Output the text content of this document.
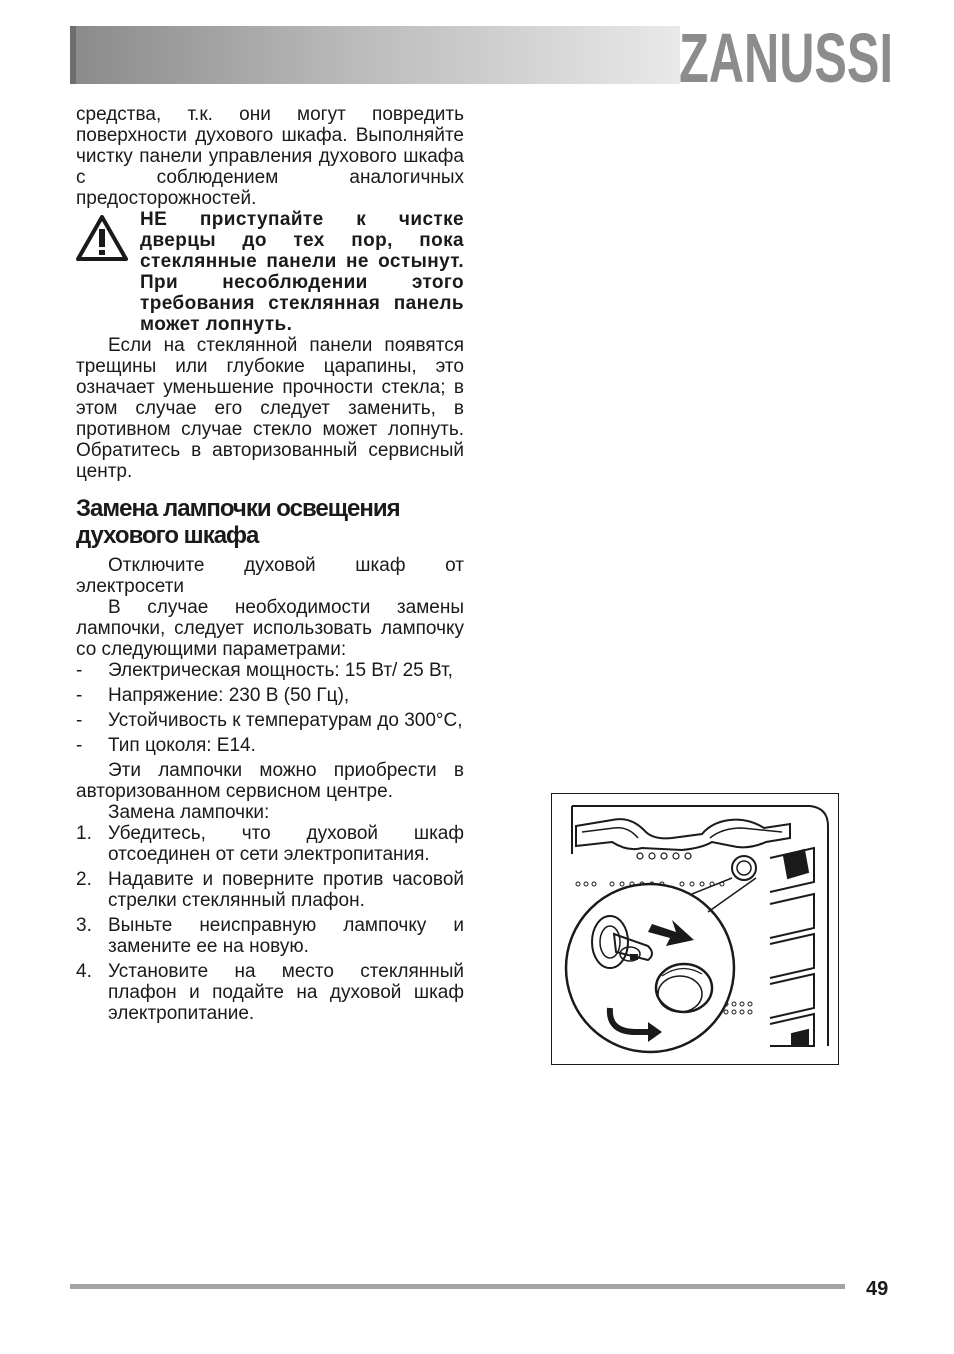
ZANUSSI

средства, т.к. они могут повредить поверхности духового шкафа. Выполняйте чистку панели управления духового шкафа с соблюдением аналогичных предосторожностей.

НЕ приступайте к чистке дверцы до тех пор, пока стеклянные панели не остынут. При несоблюдении этого требования стеклянная панель может лопнуть.

Если на стеклянной панели появятся трещины или глубокие царапины, это означает уменьшение прочности стекла; в этом случае его следует заменить, в противном случае стекло может лопнуть. Обратитесь в авторизованный сервисный центр.

Замена лампочки освещения духового шкафа

Отключите духовой шкаф от электросети

В случае необходимости замены лампочки, следует использовать лампочку со следующими параметрами:

- Электрическая мощность: 15 Вт/ 25 Вт,
- Напряжение: 230 В (50 Гц),
- Устойчивость к температурам до 300°С,
- Тип цоколя: Е14.

Эти лампочки можно приобрести в авторизованном сервисном центре.

Замена лампочки:

1. Убедитесь, что духовой шкаф отсоединен от сети электропитания.
2. Надавите и поверните против часовой стрелки стеклянный плафон.
3. Выньте неисправную лампочку и замените ее на новую.
4. Установите на место стеклянный плафон и подайте на духовой шкаф электропитание.
49
